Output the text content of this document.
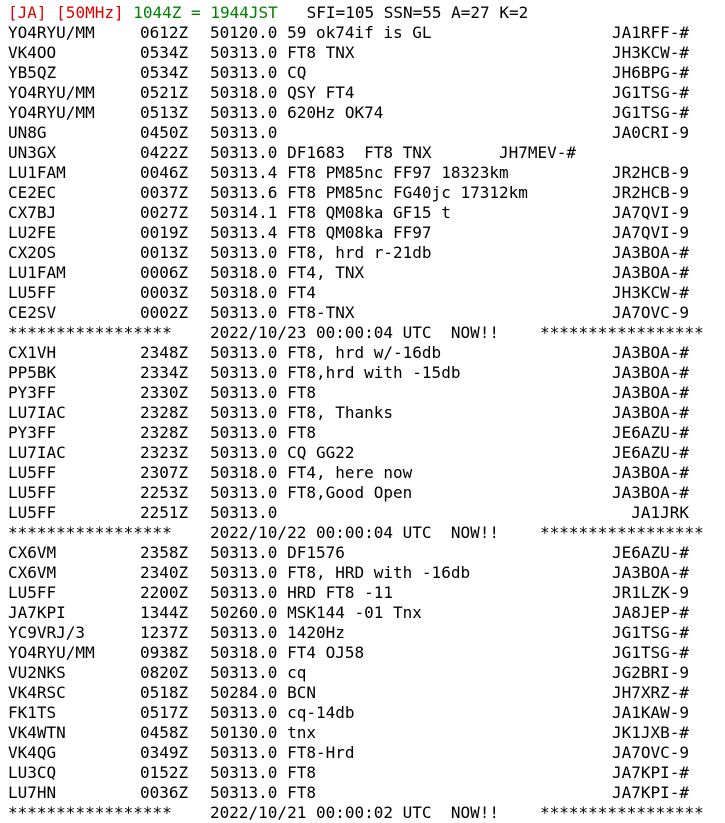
[JA] [50MHz] 1044Z = 1944JST SFI=105 SSN=55 A=27 K=2
YO4RYU/MM	0612Z 50120.0 59 ok74if is GL	JA1RFF-#
VK4OO	0534Z 50313.0 FT8 TNX	JH3KCW-#
YB5QZ	0534Z 50313.0 CQ	JH6BPG-#
YO4RYU/MM	0521Z 50318.0 QSY FT4	JG1TSG-#
YO4RYU/MM	0513Z 50313.0 620Hz OK74	JG1TSG-#
UN8G	0450Z 50313.0	JA0CRI-9
UN3GX	0422Z 50313.0 DF1683  FT8 TNX       JH7MEV-#
LU1FAM	0046Z 50313.4 FT8 PM85nc FF97 18323km	JR2HCB-9
CE2EC	0037Z 50313.6 FT8 PM85nc FG40jc 17312km	JR2HCB-9
CX7BJ	0027Z 50314.1 FT8 QM08ka GF15 t	JA7QVI-9
LU2FE	0019Z 50313.4 FT8 QM08ka FF97	JA7QVI-9
CX2OS	0013Z 50313.0 FT8, hrd r-21db	JA3BOA-#
LU1FAM	0006Z 50318.0 FT4, TNX	JA3BOA-#
LU5FF	0003Z 50318.0 FT4	JH3KCW-#
CE2SV	0002Z 50313.0 FT8-TNX	JA7OVC-9
***************** 2022/10/23 00:00:04 UTC  NOW!!	*****************
CX1VH	2348Z 50313.0 FT8, hrd w/-16db	JA3BOA-#
PP5BK	2334Z 50313.0 FT8,hrd with -15db	JA3BOA-#
PY3FF	2330Z 50313.0 FT8	JA3BOA-#
LU7IAC	2328Z 50313.0 FT8, Thanks	JA3BOA-#
PY3FF	2328Z 50313.0 FT8	JE6AZU-#
LU7IAC	2323Z 50313.0 CQ GG22	JE6AZU-#
LU5FF	2307Z 50318.0 FT4, here now	JA3BOA-#
LU5FF	2253Z 50313.0 FT8,Good Open	JA3BOA-#
LU5FF	2251Z 50313.0	JA1JRK
***************** 2022/10/22 00:00:04 UTC  NOW!!	*****************
CX6VM	2358Z 50313.0 DF1576	JE6AZU-#
CX6VM	2340Z 50313.0 FT8, HRD with -16db	JA3BOA-#
LU5FF	2200Z 50313.0 HRD FT8 -11	JR1LZK-9
JA7KPI	1344Z 50260.0 MSK144 -01 Tnx	JA8JEP-#
YC9VRJ/3	1237Z 50313.0 1420Hz	JG1TSG-#
YO4RYU/MM	0938Z 50318.0 FT4 OJ58	JG1TSG-#
VU2NKS	0820Z 50313.0 cq	JG2BRI-9
VK4RSC	0518Z 50284.0 BCN	JH7XRZ-#
FK1TS	0517Z 50313.0 cq-14db	JA1KAW-9
VK4WTN	0458Z 50130.0 tnx	JK1JXB-#
VK4QG	0349Z 50313.0 FT8-Hrd	JA7OVC-9
LU3CQ	0152Z 50313.0 FT8	JA7KPI-#
LU7HN	0036Z 50313.0 FT8	JA7KPI-#
***************** 2022/10/21 00:00:02 UTC  NOW!!	*****************
